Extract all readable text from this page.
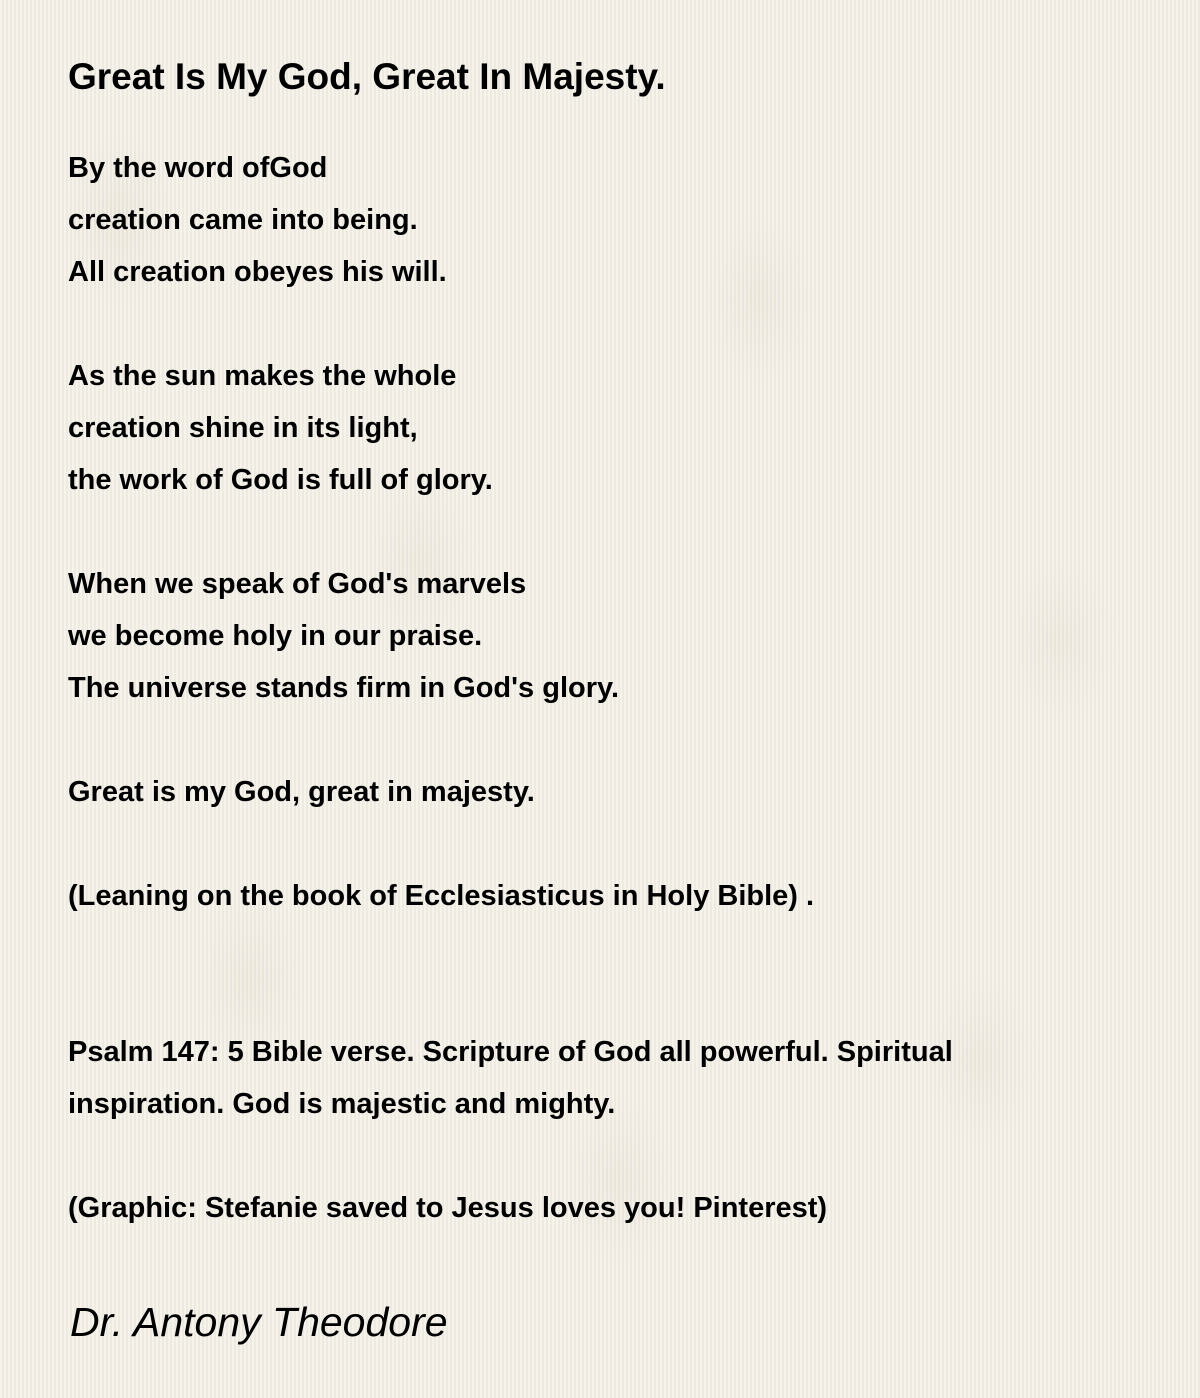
Great Is My God, Great In Majesty.
By the word ofGod
creation came into being.
All creation obeyes his will.
As the sun makes the whole
creation shine in its light,
the work of God is full of glory.
When we speak of God's marvels
we become holy in our praise.
The universe stands firm in God's glory.
Great is my God, great in majesty.
(Leaning on the book of Ecclesiasticus in Holy Bible) .

Psalm 147: 5 Bible verse. Scripture of God all powerful. Spiritual inspiration. God is majestic and mighty.

(Graphic: Stefanie saved to Jesus loves you! Pinterest)

Dr. Antony Theodore
